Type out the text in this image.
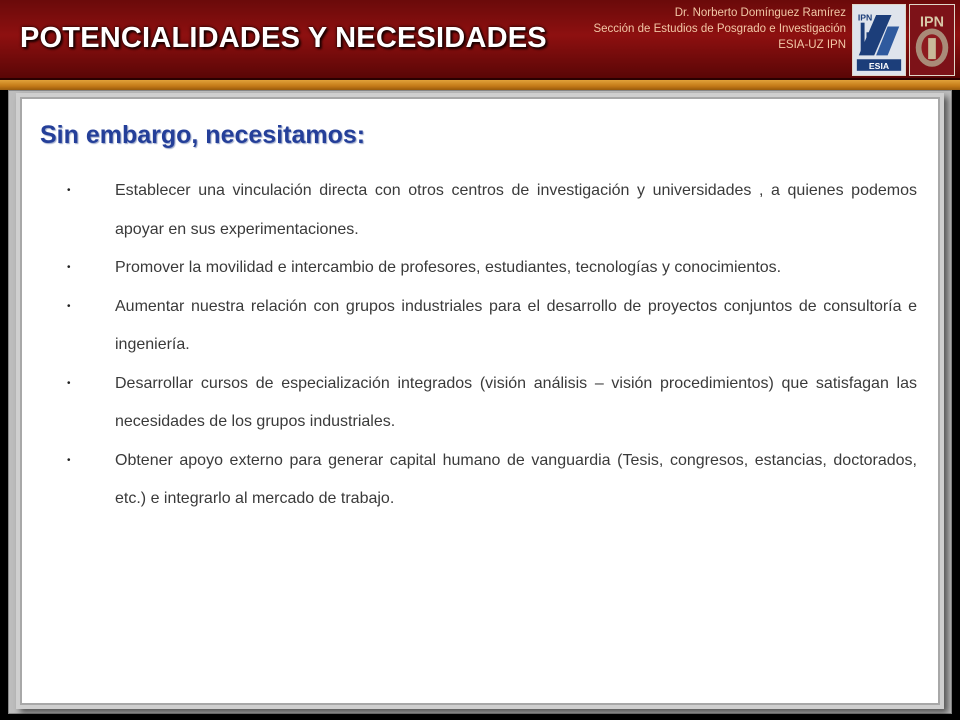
POTENCIALIDADES Y NECESIDADES
Dr. Norberto Domínguez Ramírez
Sección de Estudios de Posgrado e Investigación
ESIA-UZ IPN
IPN
ESIA
IPN
Sin embargo, necesitamos:
•	Establecer una vinculación directa con otros centros de investigación y universidades , a quienes podemos apoyar en sus experimentaciones.
•	Promover la movilidad e intercambio de profesores, estudiantes, tecnologías y conocimientos.
•	Aumentar nuestra relación con grupos industriales para el desarrollo de proyectos conjuntos de consultoría e ingeniería.
•	Desarrollar cursos de especialización integrados (visión análisis – visión procedimientos) que satisfagan las necesidades de los grupos industriales.
•	Obtener apoyo externo para generar capital humano de vanguardia (Tesis, congresos, estancias, doctorados, etc.) e integrarlo al mercado de trabajo.
